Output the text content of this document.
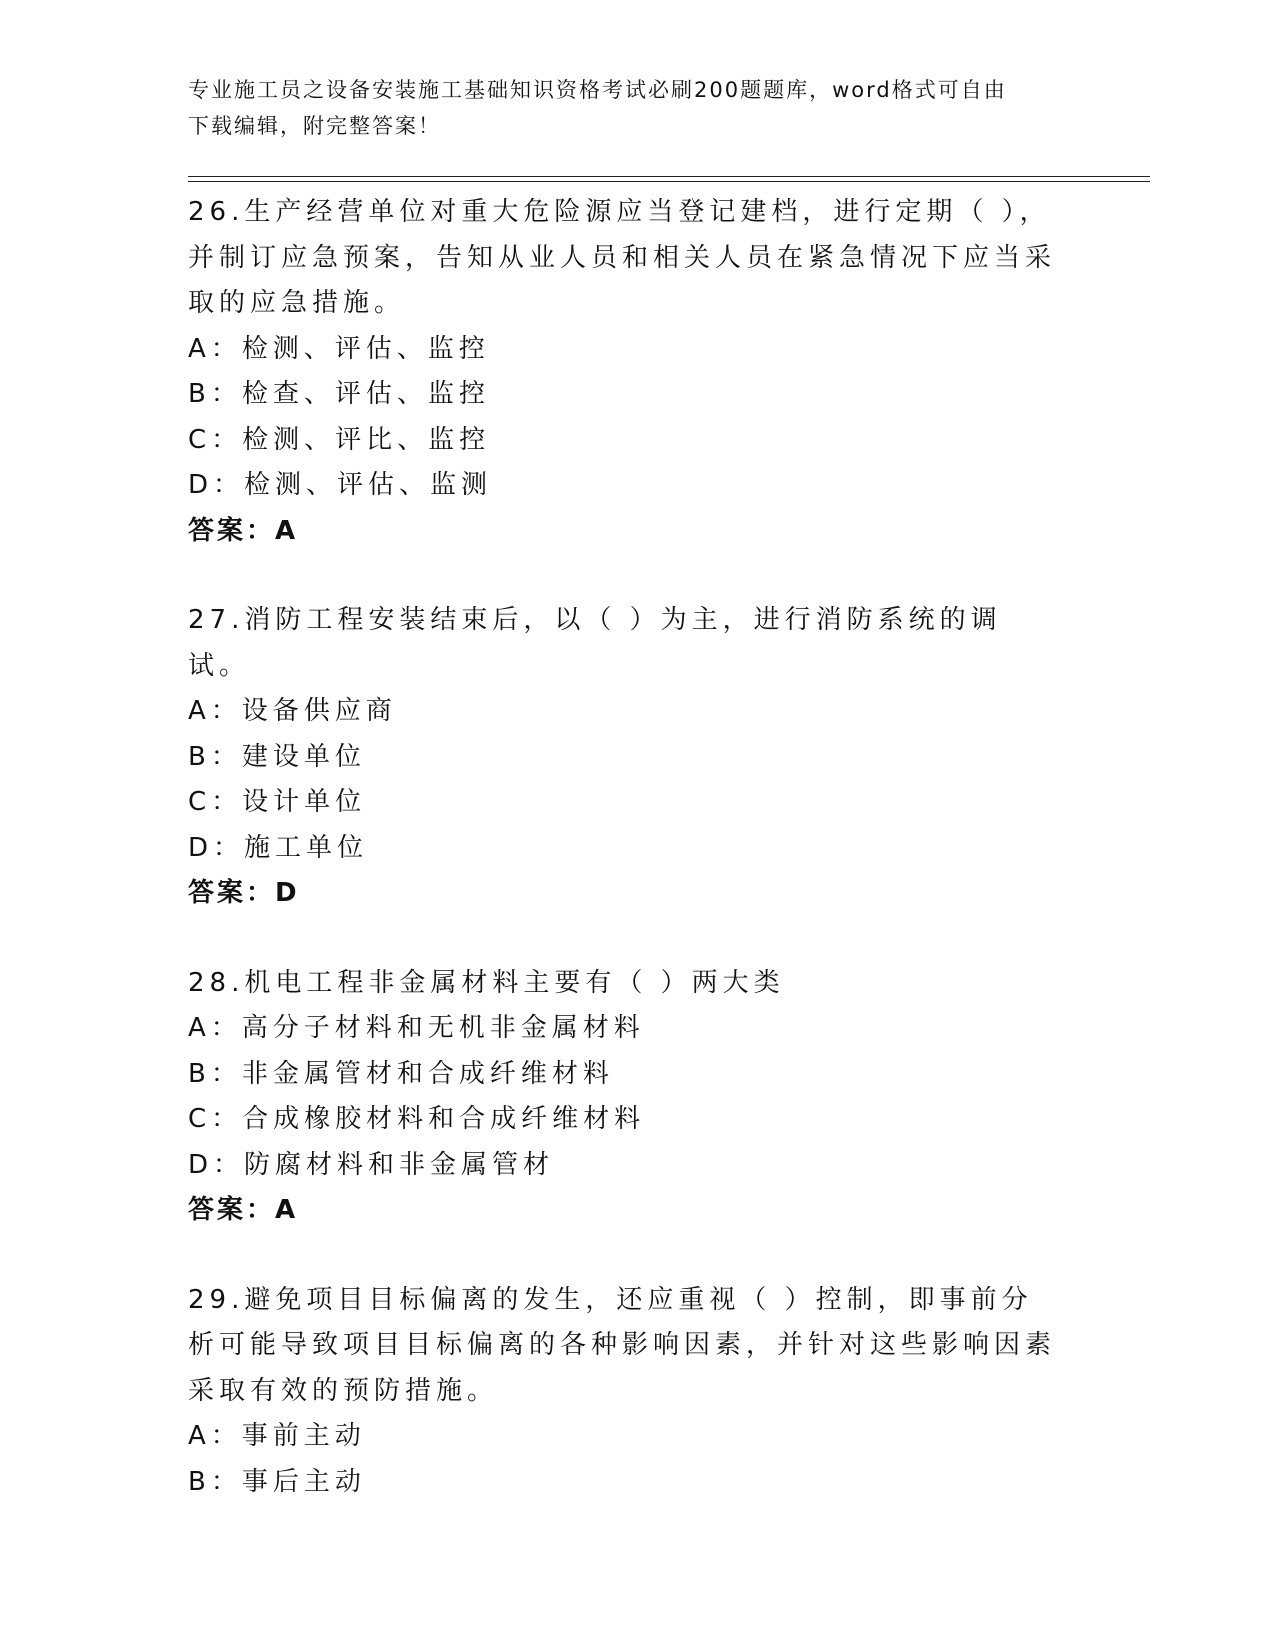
专业施工员之设备安装施工基础知识资格考试必刷200题题库，word格式可自由
下载编辑，附完整答案！

26.生产经营单位对重大危险源应当登记建档，进行定期（ ），并制订应急预案，告知从业人员和相关人员在紧急情况下应当采取的应急措施。

A：检测、评估、监控

B：检查、评估、监控

C：检测、评比、监控

D：检测、评估、监测

答案：A

27.消防工程安装结束后，以（ ）为主，进行消防系统的调试。

A：设备供应商

B：建设单位

C：设计单位

D：施工单位

答案：D

28.机电工程非金属材料主要有（ ）两大类

A：高分子材料和无机非金属材料

B：非金属管材和合成纤维材料

C：合成橡胶材料和合成纤维材料

D：防腐材料和非金属管材

答案：A

29.避免项目目标偏离的发生，还应重视（ ）控制，即事前分析可能导致项目目标偏离的各种影响因素，并针对这些影响因素采取有效的预防措施。

A：事前主动

B：事后主动
